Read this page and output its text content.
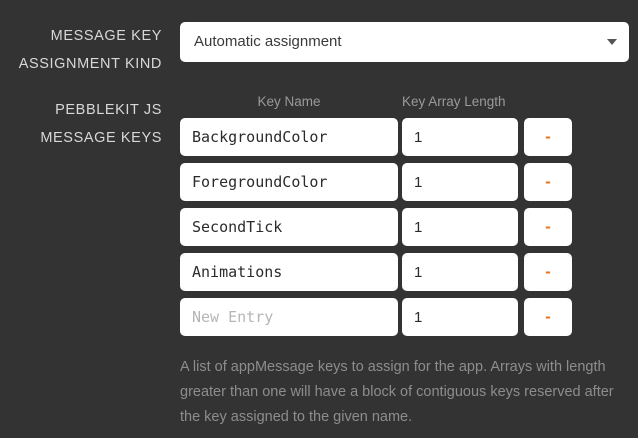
MESSAGE KEY ASSIGNMENT KIND
Automatic assignment
PEBBLEKIT JS MESSAGE KEYS
Key Name	Key Array Length
BackgroundColor
1
-
ForegroundColor
1
-
SecondTick
1
-
Animations
1
-
New Entry
1
-
A list of appMessage keys to assign for the app. Arrays with length greater than one will have a block of contiguous keys reserved after the key assigned to the given name.
